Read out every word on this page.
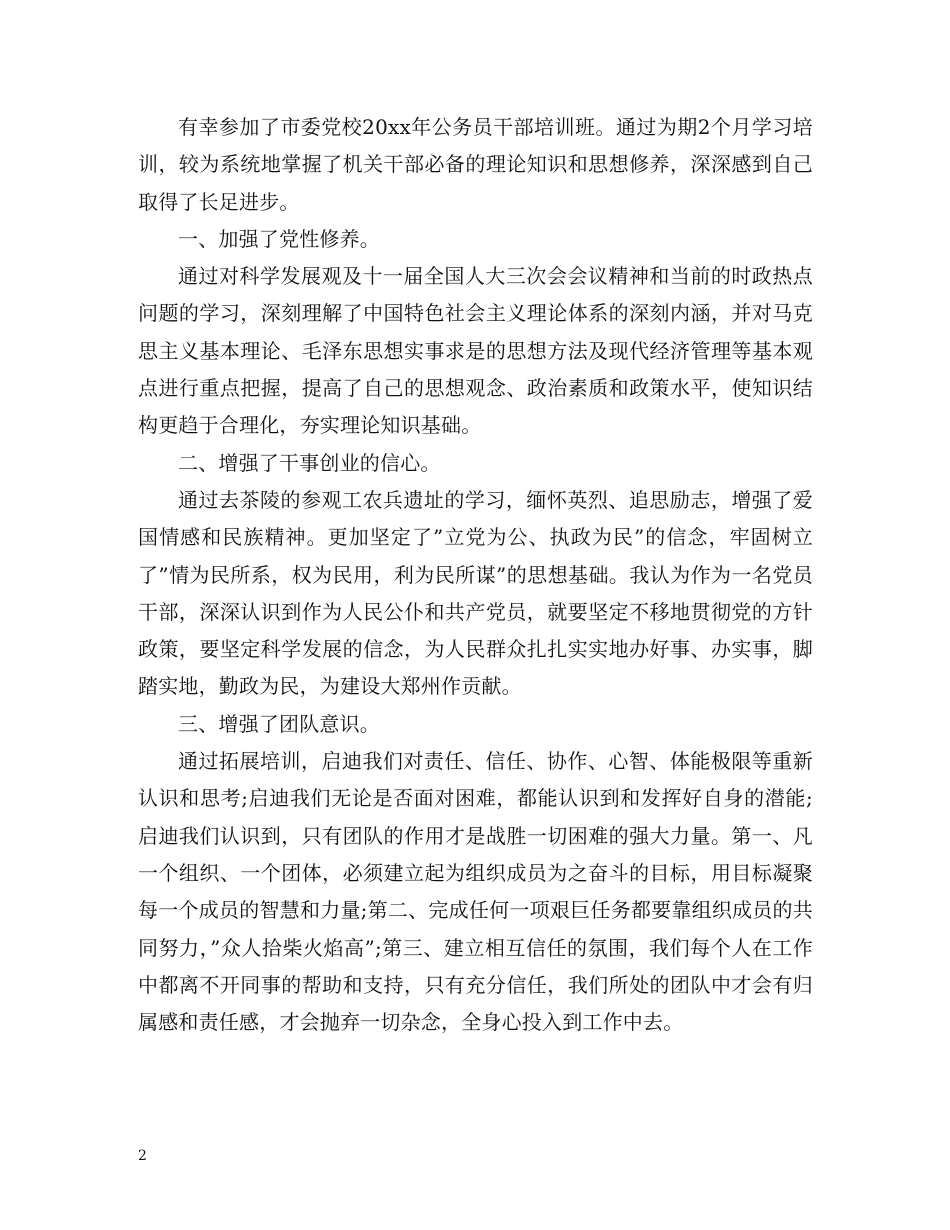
有幸参加了市委党校20xx年公务员干部培训班。通过为期2个月学习培训，较为系统地掌握了机关干部必备的理论知识和思想修养，深深感到自己取得了长足进步。

一、加强了党性修养。

通过对科学发展观及十一届全国人大三次会会议精神和当前的时政热点问题的学习，深刻理解了中国特色社会主义理论体系的深刻内涵，并对马克思主义基本理论、毛泽东思想实事求是的思想方法及现代经济管理等基本观点进行重点把握，提高了自己的思想观念、政治素质和政策水平，使知识结构更趋于合理化，夯实理论知识基础。

二、增强了干事创业的信心。

通过去茶陵的参观工农兵遗址的学习，缅怀英烈、追思励志，增强了爱国情感和民族精神。更加坚定了”立党为公、执政为民”的信念，牢固树立了”情为民所系，权为民用，利为民所谋”的思想基础。我认为作为一名党员干部，深深认识到作为人民公仆和共产党员，就要坚定不移地贯彻党的方针政策，要坚定科学发展的信念，为人民群众扎扎实实地办好事、办实事，脚踏实地，勤政为民，为建设大郑州作贡献。

三、增强了团队意识。

通过拓展培训，启迪我们对责任、信任、协作、心智、体能极限等重新认识和思考;启迪我们无论是否面对困难，都能认识到和发挥好自身的潜能;启迪我们认识到，只有团队的作用才是战胜一切困难的强大力量。第一、凡一个组织、一个团体，必须建立起为组织成员为之奋斗的目标，用目标凝聚每一个成员的智慧和力量;第二、完成任何一项艰巨任务都要靠组织成员的共同努力，”众人拾柴火焰高”;第三、建立相互信任的氛围，我们每个人在工作中都离不开同事的帮助和支持，只有充分信任，我们所处的团队中才会有归属感和责任感，才会抛弃一切杂念，全身心投入到工作中去。

2
